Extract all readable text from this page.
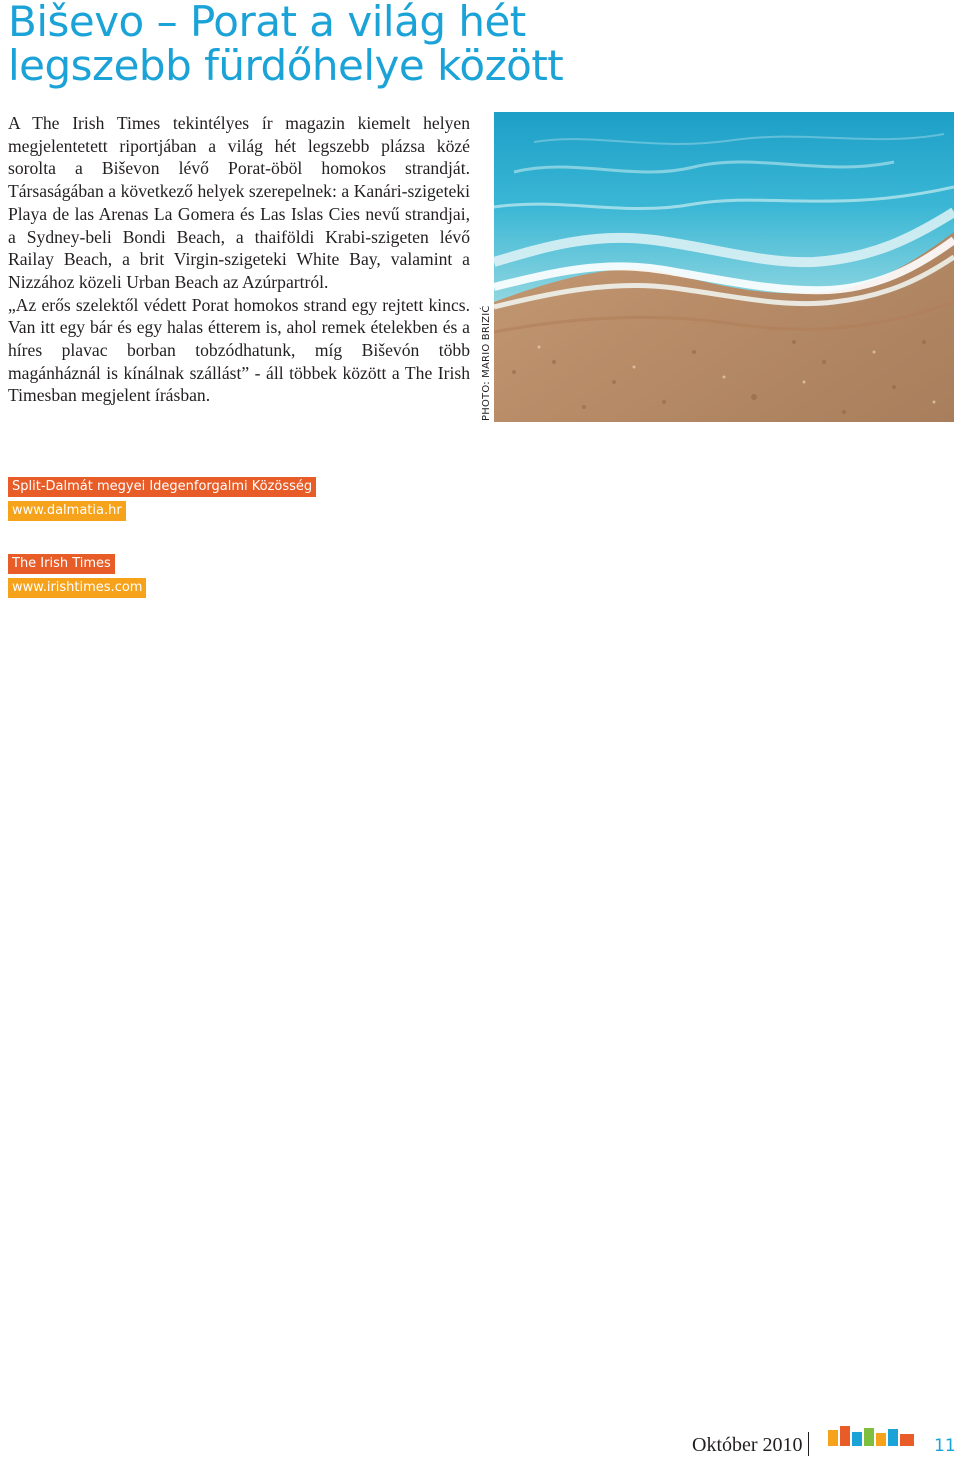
Biševo – Porat a világ hét
legszebb fürdőhelye között

A The Irish Times tekintélyes ír magazin kiemelt helyen megjelentetett riportjában a világ hét legszebb plázsa közé sorolta a Biševon lévő Porat-öböl homokos strandját. Társaságában a következő helyek szerepelnek: a Kanári-szigeteki Playa de las Arenas La Gomera és Las Islas Cies nevű strandjai, a Sydney-beli Bondi Beach, a thaiföldi Krabi-szigeten lévő Railay Beach, a brit Virgin-szigeteki White Bay, valamint a Nizzához közeli Urban Beach az Azúrpartról.

„Az erős szelektől védett Porat homokos strand egy rejtett kincs. Van itt egy bár és egy halas étterem is, ahol remek ételekben és a híres plavac borban tobzódhatunk, míg Biševón több magánháznál is kínálnak szállást” - áll többek között a The Irish Timesban megjelent írásban.	PHOTO: MARIO BRIZIĆ
Split-Dalmát megyei Idegenforgalmi Közösség
www.dalmatia.hr
The Irish Times
www.irishtimes.com
Október 2010	11
